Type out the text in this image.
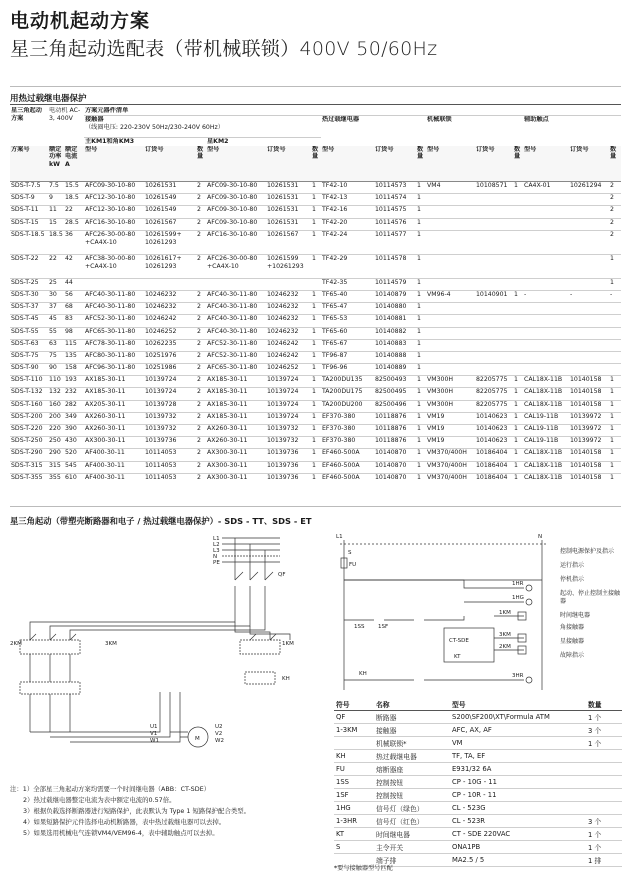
电动机起动方案
星三角起动选配表（带机械联锁）400V 50/60Hz
用热过载继电器保护
星三角起动方案	电动机 AC-3, 400V		方案元器件清单														

			接触器
（线圈电压: 220-230V 50Hz/230-240V 60Hz）						热过载继电器			机械联锁			辅助触点		
			主KM1和角KM3			星KM2											
方案号	额定功率 kW	额定电流 A	型号	订货号	数量	型号	订货号	数量	型号	订货号	数量	型号	订货号	数量	型号	订货号	数量
SDS-T-7.5	7.5	15.5	AFC09-30-10-80	10261531	2	AFC09-30-10-80	10261531	1	TF42-10	10114573	1	VM4	10108571	1	CA4X-01	10261294	2
SDS-T-9	9	18.5	AFC12-30-10-80	10261549	2	AFC09-30-10-80	10261531	1	TF42-13	10114574	1						2
SDS-T-11	11	22	AFC12-30-10-80	10261549	2	AFC09-30-10-80	10261531	1	TF42-16	10114575	1						2
SDS-T-15	15	28.5	AFC16-30-10-80	10261567	2	AFC09-30-10-80	10261531	1	TF42-20	10114576	1						2
SDS-T-18.5	18.5	36	AFC26-30-00-80 +CA4X-10	10261599+ 10261293	2	AFC16-30-10-80	10261567	1	TF42-24	10114577	1						2
SDS-T-22	22	42	AFC38-30-00-80 +CA4X-10	10261617+ 10261293	2	AFC26-30-00-80 +CA4X-10	10261599 +10261293	1	TF42-29	10114578	1						1
SDS-T-25	25	44							TF42-35	10114579	1						1
SDS-T-30	30	56	AFC40-30-11-80	10246232	2	AFC40-30-11-80	10246232	1	TF65-40	10140879	1	VM96-4	10140901	1	-	-	-
SDS-T-37	37	68	AFC40-30-11-80	10246232	2	AFC40-30-11-80	10246232	1	TF65-47	10140880	1						
SDS-T-45	45	83	AFC52-30-11-80	10246242	2	AFC40-30-11-80	10246232	1	TF65-53	10140881	1						
SDS-T-55	55	98	AFC65-30-11-80	10246252	2	AFC40-30-11-80	10246232	1	TF65-60	10140882	1						
SDS-T-63	63	115	AFC78-30-11-80	10262235	2	AFC52-30-11-80	10246242	1	TF65-67	10140883	1						
SDS-T-75	75	135	AFC80-30-11-80	10251976	2	AFC52-30-11-80	10246242	1	TF96-87	10140888	1						
SDS-T-90	90	158	AFC96-30-11-80	10251986	2	AFC65-30-11-80	10246252	1	TF96-96	10140889	1						
SDS-T-110	110	193	AX185-30-11	10139724	2	AX185-30-11	10139724	1	TA200DU135	82500493	1	VM300H	82205775	1	CAL18X-11B	10140158	1
SDS-T-132	132	232	AX185-30-11	10139724	2	AX185-30-11	10139724	1	TA200DU175	82500495	1	VM300H	82205775	1	CAL18X-11B	10140158	1
SDS-T-160	160	282	AX205-30-11	10139728	2	AX185-30-11	10139724	1	TA200DU200	82500496	1	VM300H	82205775	1	CAL18X-11B	10140158	1
SDS-T-200	200	349	AX260-30-11	10139732	2	AX185-30-11	10139724	1	EF370-380	10118876	1	VM19	10140623	1	CAL19-11B	10139972	1
SDS-T-220	220	390	AX260-30-11	10139732	2	AX260-30-11	10139732	1	EF370-380	10118876	1	VM19	10140623	1	CAL19-11B	10139972	1
SDS-T-250	250	430	AX300-30-11	10139736	2	AX260-30-11	10139732	1	EF370-380	10118876	1	VM19	10140623	1	CAL19-11B	10139972	1
SDS-T-290	290	520	AF400-30-11	10114053	2	AX300-30-11	10139736	1	EF460-500A	10140870	1	VM370/400H	10186404	1	CAL18X-11B	10140158	1
SDS-T-315	315	545	AF400-30-11	10114053	2	AX300-30-11	10139736	1	EF460-500A	10140870	1	VM370/400H	10186404	1	CAL18X-11B	10140158	1
SDS-T-355	355	610	AF400-30-11	10114053	2	AX300-30-11	10139736	1	EF460-500A	10140870	1	VM370/400H	10186404	1	CAL18X-11B	10140158	1
星三角起动（带塑壳断路器和电子 / 热过载继电器保护）- SDS - TT、SDS - ET
L1
L2
L3
N
PE
QF
2KM	3KM	1KM
KH
M
U1
V1
W1
U2
V2
W2
L1	N
FU
S
1SS 1SF
CT-SDE
KT
KH
1HR
1HG
3HR
1KM
3KM
2KM
控制电源保护及指示
运行指示
停机指示
起动、停止控制主接触器
时间继电器
角接触器
星接触器
故障指示
注：1）全部星三角起动方案均需要一个时间继电器（ABB：CT-SDE）
2）热过载继电器整定电流为表中额定电流的0.57倍。
3）根据负载选择断路器进行短路保护，此表默认为 Type 1 短路保护配合类型。
4）如果短路保护元件选择电动机断路器，表中热过载继电器可以去掉。
5）如果选用机械电气连锁VM4/VEM96-4，表中辅助触点可以去掉。
符号	名称	型号	数量
QF	断路器	S200\SF200\XT\Formula ATM	1 个
1-3KM	接触器	AFC, AX, AF	3 个
	机械联锁*	VM	1 个
KH	热过载继电器	TF, TA, EF	
FU	熔断器座	E931/32 6A	
1SS	控制按钮	CP - 10G - 11	
1SF	控制按钮	CP - 10R - 11	
1HG	信号灯（绿色）	CL - 523G	
1-3HR	信号灯（红色）	CL - 523R	3 个
KT	时间继电器	CT - SDE 220VAC	1 个
S	主令开关	ONA1PB	1 个
	端子排	MA2.5 / 5	1 排
*要与接触器型号匹配
